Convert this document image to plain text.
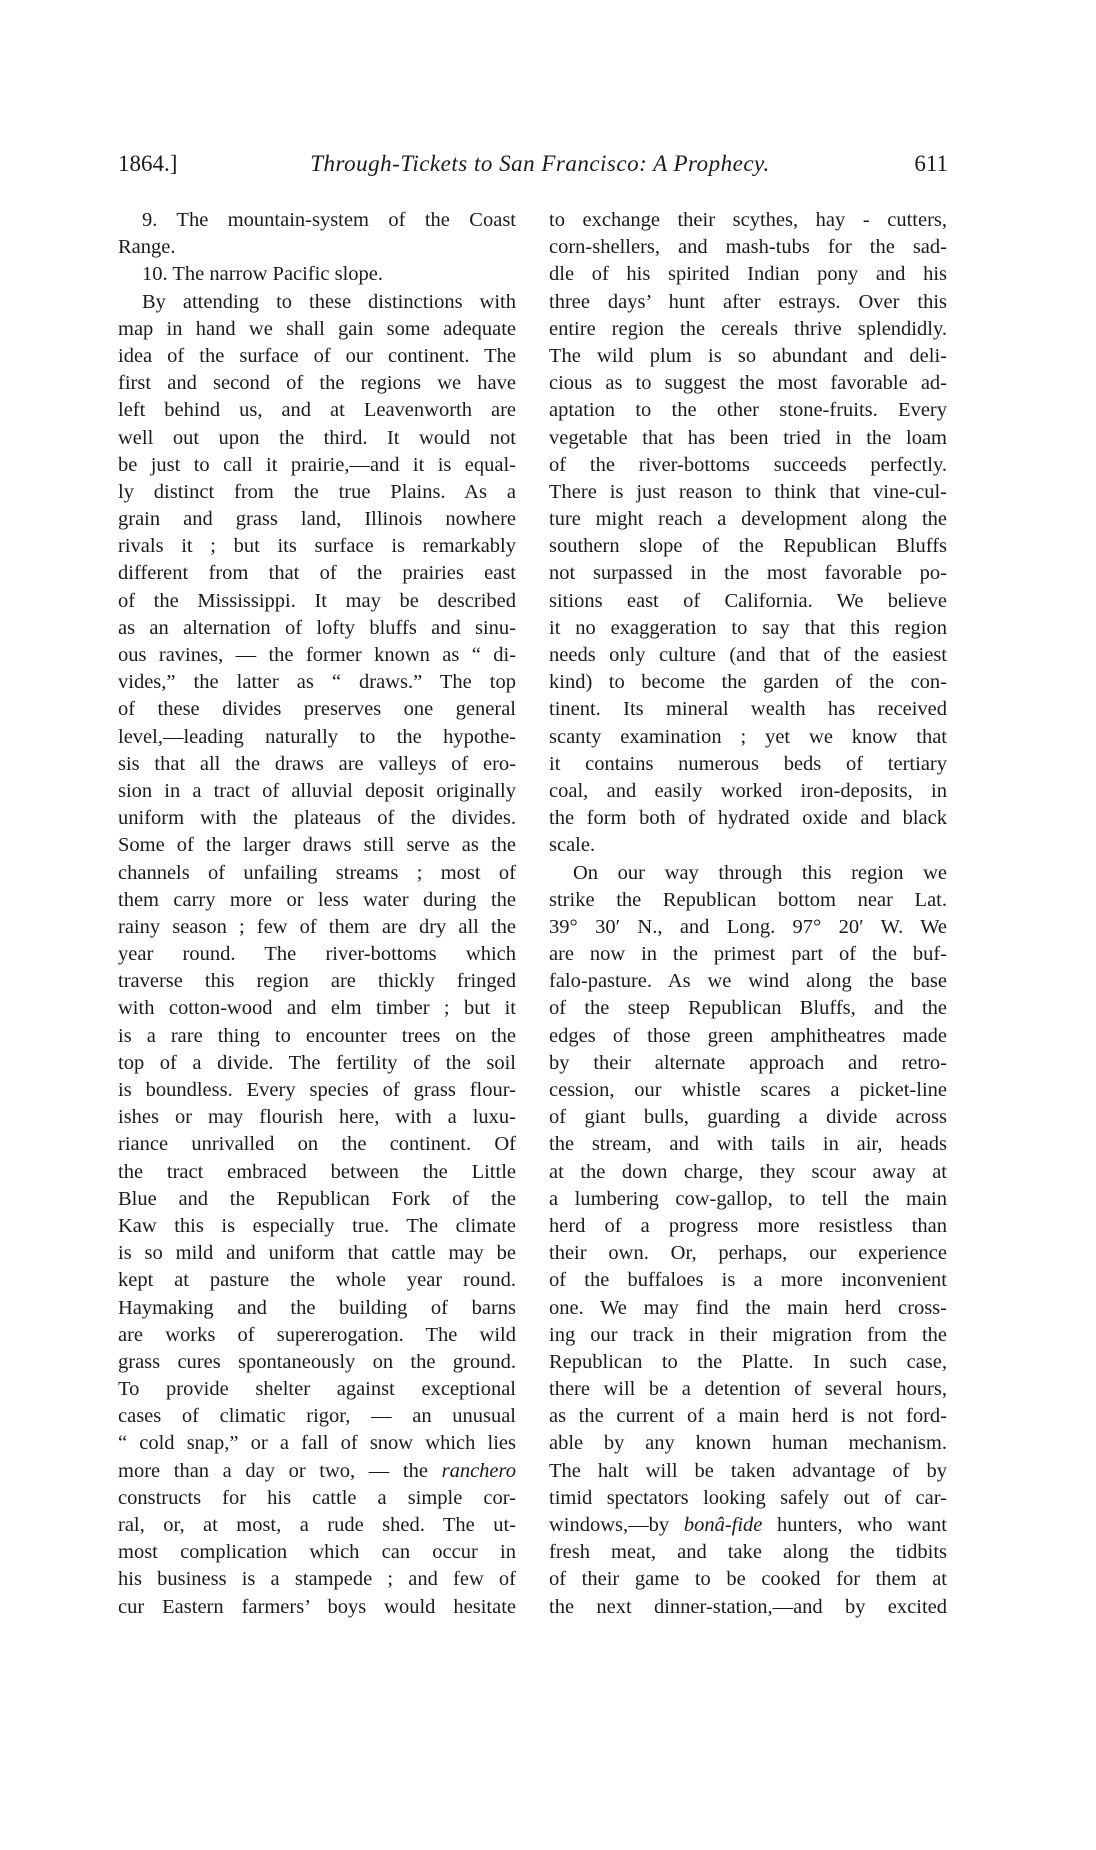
1864.]	Through-Tickets to San Francisco: A Prophecy.	611
9. The mountain-system of the Coast
Range.
10. The narrow Pacific slope.
By attending to these distinctions with
map in hand we shall gain some adequate
idea of the surface of our continent. The
first and second of the regions we have
left behind us, and at Leavenworth are
well out upon the third. It would not
be just to call it prairie,—and it is equal-
ly distinct from the true Plains. As a
grain and grass land, Illinois nowhere
rivals it ; but its surface is remarkably
different from that of the prairies east
of the Mississippi. It may be described
as an alternation of lofty bluffs and sinu-
ous ravines, — the former known as “ di-
vides,” the latter as “ draws.” The top
of these divides preserves one general
level,—leading naturally to the hypothe-
sis that all the draws are valleys of ero-
sion in a tract of alluvial deposit originally
uniform with the plateaus of the divides.
Some of the larger draws still serve as the
channels of unfailing streams ; most of
them carry more or less water during the
rainy season ; few of them are dry all the
year round. The river-bottoms which
traverse this region are thickly fringed
with cotton-wood and elm timber ; but it
is a rare thing to encounter trees on the
top of a divide. The fertility of the soil
is boundless. Every species of grass flour-
ishes or may flourish here, with a luxu-
riance unrivalled on the continent. Of
the tract embraced between the Little
Blue and the Republican Fork of the
Kaw this is especially true. The climate
is so mild and uniform that cattle may be
kept at pasture the whole year round.
Haymaking and the building of barns
are works of supererogation. The wild
grass cures spontaneously on the ground.
To provide shelter against exceptional
cases of climatic rigor, — an unusual
“ cold snap,” or a fall of snow which lies
more than a day or two, — the ranchero
constructs for his cattle a simple cor-
ral, or, at most, a rude shed. The ut-
most complication which can occur in
his business is a stampede ; and few of
cur Eastern farmers’ boys would hesitate
to exchange their scythes, hay - cutters,
corn-shellers, and mash-tubs for the sad-
dle of his spirited Indian pony and his
three days’ hunt after estrays. Over this
entire region the cereals thrive splendidly.
The wild plum is so abundant and deli-
cious as to suggest the most favorable ad-
aptation to the other stone-fruits. Every
vegetable that has been tried in the loam
of the river-bottoms succeeds perfectly.
There is just reason to think that vine-cul-
ture might reach a development along the
southern slope of the Republican Bluffs
not surpassed in the most favorable po-
sitions east of California. We believe
it no exaggeration to say that this region
needs only culture (and that of the easiest
kind) to become the garden of the con-
tinent. Its mineral wealth has received
scanty examination ; yet we know that
it contains numerous beds of tertiary
coal, and easily worked iron-deposits, in
the form both of hydrated oxide and black
scale.
On our way through this region we
strike the Republican bottom near Lat.
39° 30′ N., and Long. 97° 20′ W. We
are now in the primest part of the buf-
falo-pasture. As we wind along the base
of the steep Republican Bluffs, and the
edges of those green amphitheatres made
by their alternate approach and retro-
cession, our whistle scares a picket-line
of giant bulls, guarding a divide across
the stream, and with tails in air, heads
at the down charge, they scour away at
a lumbering cow-gallop, to tell the main
herd of a progress more resistless than
their own. Or, perhaps, our experience
of the buffaloes is a more inconvenient
one. We may find the main herd cross-
ing our track in their migration from the
Republican to the Platte. In such case,
there will be a detention of several hours,
as the current of a main herd is not ford-
able by any known human mechanism.
The halt will be taken advantage of by
timid spectators looking safely out of car-
windows,—by bonâ-fide hunters, who want
fresh meat, and take along the tidbits
of their game to be cooked for them at
the next dinner-station,—and by excited
